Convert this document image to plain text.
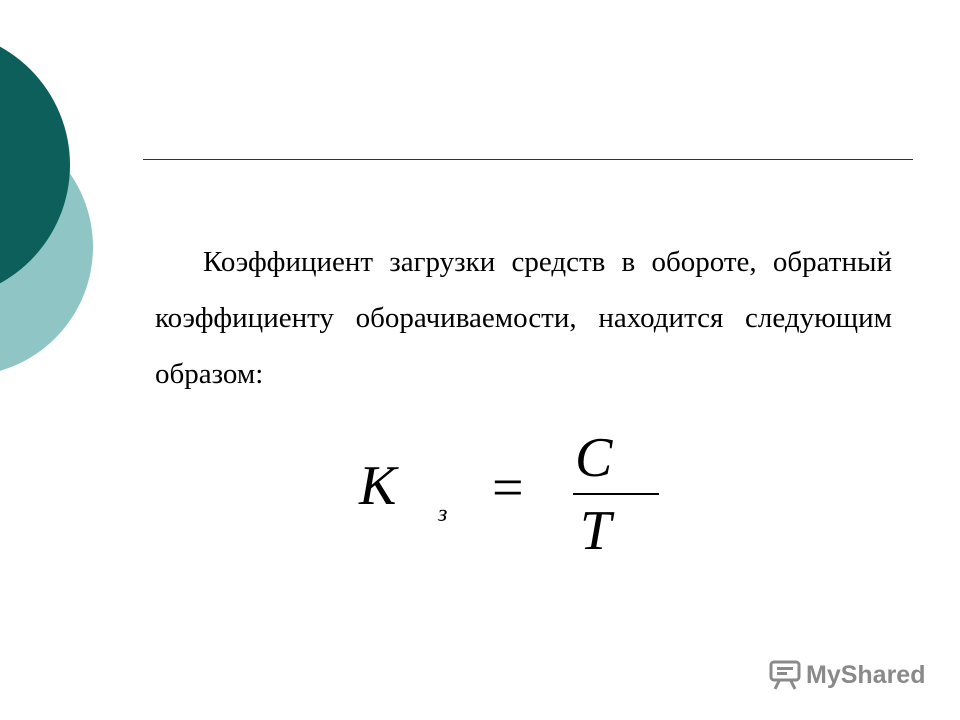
Коэффициент загрузки средств в обороте, обратный коэффициенту оборачиваемости, находится следующим образом:

K з = C
T
MyShared
